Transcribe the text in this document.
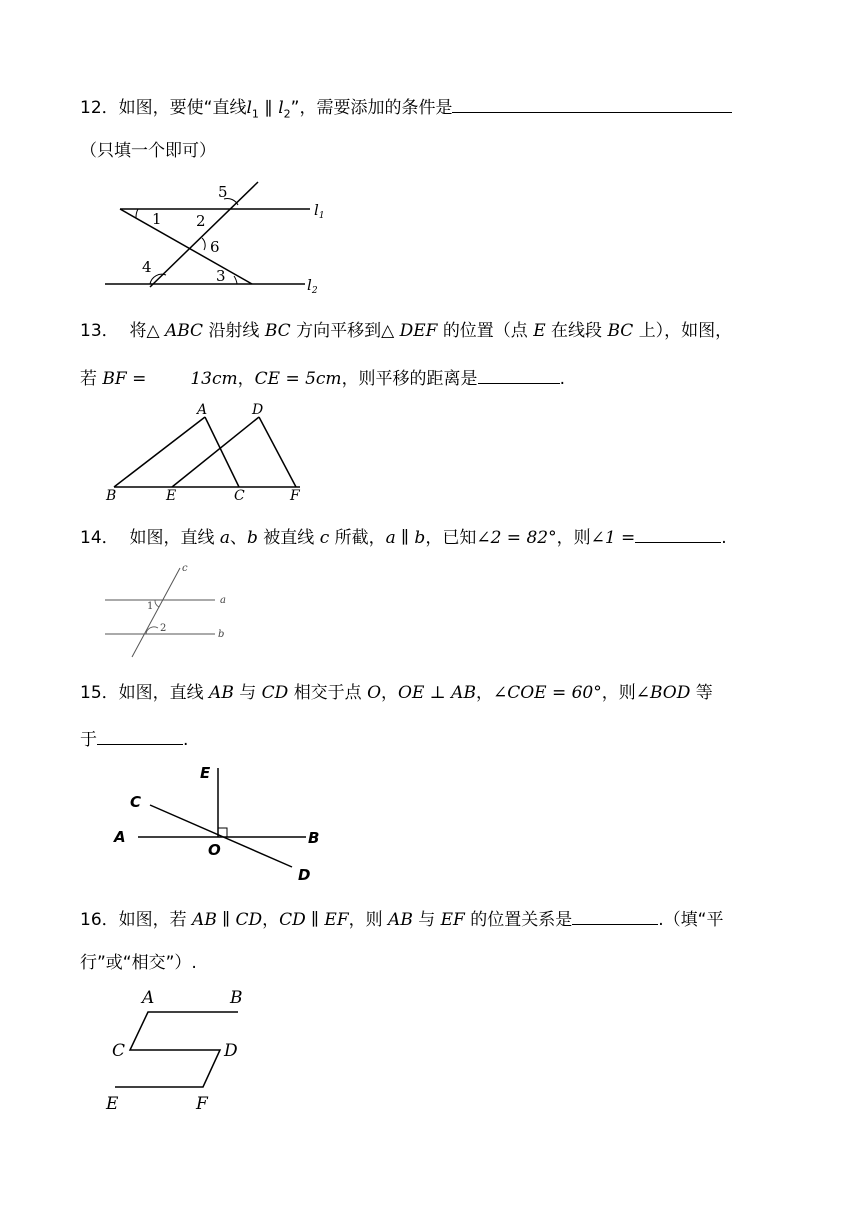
12．如图，要使“直线$l_1$ ∥ $l_2$”，需要添加的条件是
（只填一个即可）
5
1 2
6
4	3
$l_1$
$l_2$
13． 将△ ABC 沿射线 BC 方向平移到△ DEF 的位置（点 E 在线段 BC 上），如图，
若 BF =	13cm，CE = 5cm，则平移的距离是	.
A	D
B	E	C	F
14． 如图，直线 a、b 被直线 c 所截，a ∥ b，已知∠2 = 82°，则∠1 =	.
c
a
b
1
2
15．如图，直线 AB 与 CD 相交于点 O，OE ⊥ AB，∠COE = 60°，则∠BOD 等
于	.
E
C
A
O
B
D
16．如图，若 AB ∥ CD，CD ∥ EF，则 AB 与 EF 的位置关系是	.（填“平
行”或“相交”）.
A	B
C	D
E	F
